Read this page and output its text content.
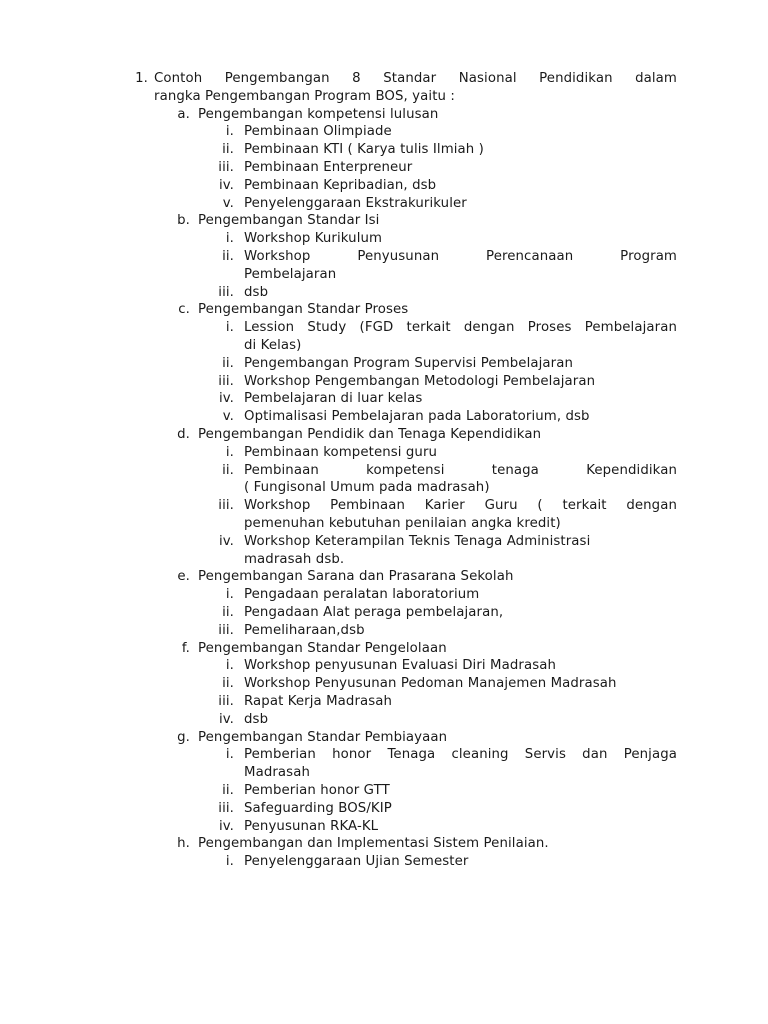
1. Contoh Pengembangan 8 Standar Nasional Pendidikan dalam
rangka Pengembangan Program BOS, yaitu :
a. Pengembangan kompetensi lulusan
i. Pembinaan Olimpiade
ii. Pembinaan KTI ( Karya tulis Ilmiah )
iii. Pembinaan Enterpreneur
iv. Pembinaan Kepribadian, dsb
v. Penyelenggaraan Ekstrakurikuler
b. Pengembangan Standar Isi
i. Workshop Kurikulum
ii. Workshop Penyusunan Perencanaan Program
Pembelajaran
iii. dsb
c. Pengembangan Standar Proses
i. Lession Study (FGD terkait dengan Proses Pembelajaran
di Kelas)
ii. Pengembangan Program Supervisi Pembelajaran
iii. Workshop Pengembangan Metodologi Pembelajaran
iv. Pembelajaran di luar kelas
v. Optimalisasi Pembelajaran pada Laboratorium, dsb
d. Pengembangan Pendidik dan Tenaga Kependidikan
i. Pembinaan kompetensi guru
ii. Pembinaan kompetensi tenaga Kependidikan
( Fungisonal Umum pada madrasah)
iii. Workshop Pembinaan Karier Guru ( terkait dengan
pemenuhan kebutuhan penilaian angka kredit)
iv. Workshop Keterampilan Teknis Tenaga Administrasi
madrasah dsb.
e. Pengembangan Sarana dan Prasarana Sekolah
i. Pengadaan peralatan laboratorium
ii. Pengadaan Alat peraga pembelajaran,
iii. Pemeliharaan,dsb
f. Pengembangan Standar Pengelolaan
i. Workshop penyusunan Evaluasi Diri Madrasah
ii. Workshop Penyusunan Pedoman Manajemen Madrasah
iii. Rapat Kerja Madrasah
iv. dsb
g. Pengembangan Standar Pembiayaan
i. Pemberian honor Tenaga cleaning Servis dan Penjaga
Madrasah
ii. Pemberian honor GTT
iii. Safeguarding BOS/KIP
iv. Penyusunan RKA-KL
h. Pengembangan dan Implementasi Sistem Penilaian.
i. Penyelenggaraan Ujian Semester
